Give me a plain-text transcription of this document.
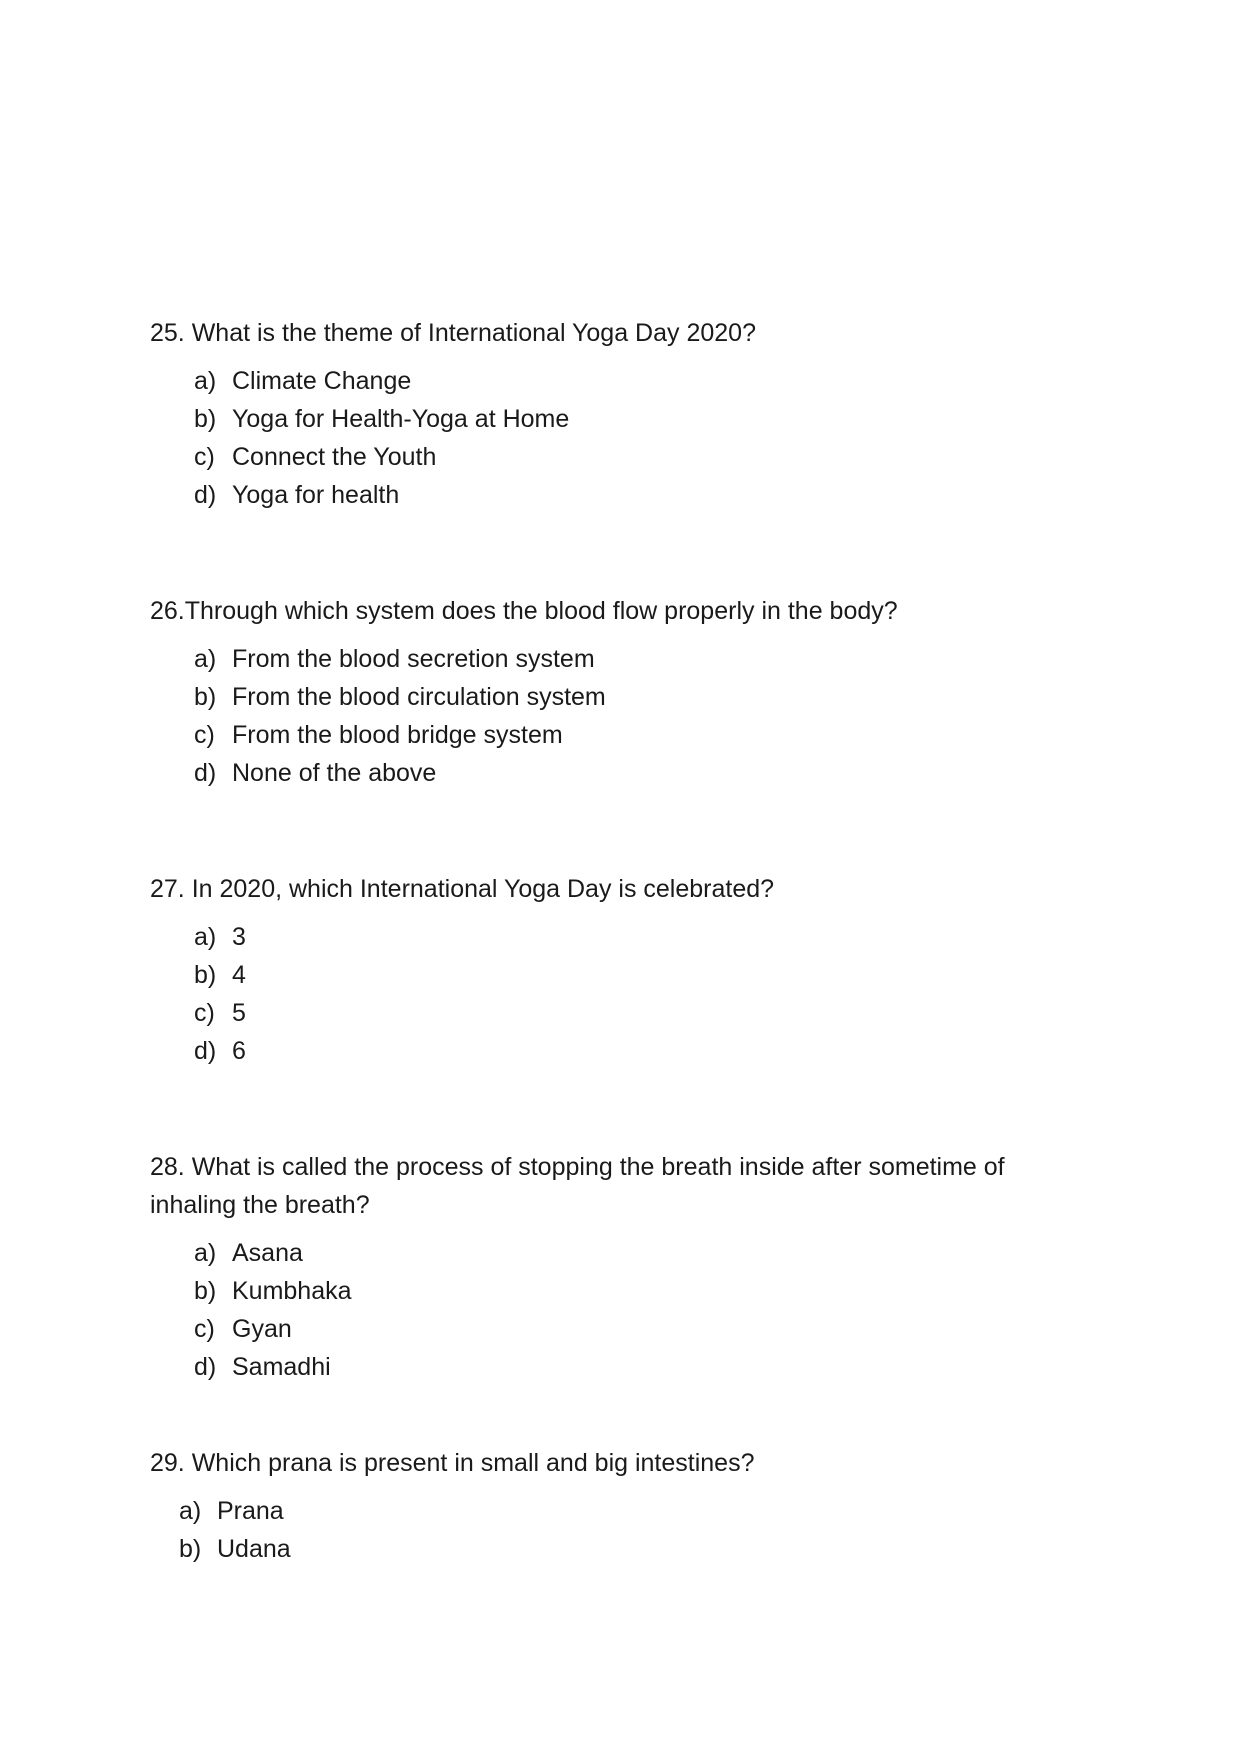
25. What is the theme of International Yoga Day 2020?

a) Climate Change
b) Yoga for Health-Yoga at Home
c) Connect the Youth
d) Yoga for health

26.Through which system does the blood flow properly in the body?

a) From the blood secretion system
b) From the blood circulation system
c) From the blood bridge system
d) None of the above

27. In 2020, which International Yoga Day is celebrated?

a) 3
b) 4
c) 5
d) 6

28. What is called the process of stopping the breath inside after sometime of inhaling the breath?

a) Asana
b) Kumbhaka
c) Gyan
d) Samadhi

29. Which prana is present in small and big intestines?

a) Prana
b) Udana
